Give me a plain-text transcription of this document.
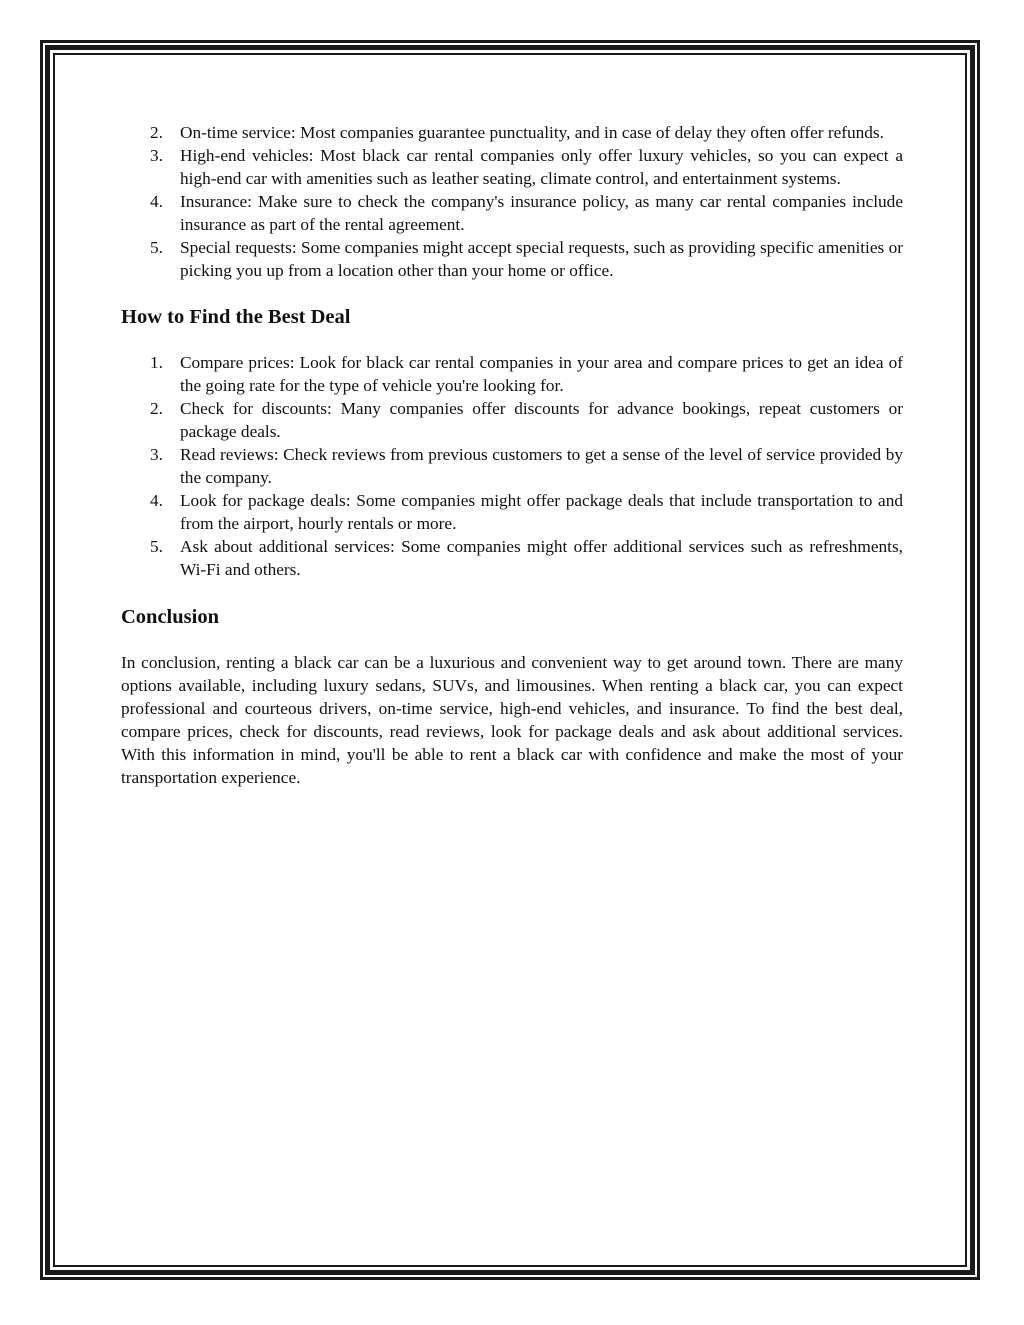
2. On-time service: Most companies guarantee punctuality, and in case of delay they often offer refunds.
3. High-end vehicles: Most black car rental companies only offer luxury vehicles, so you can expect a high-end car with amenities such as leather seating, climate control, and entertainment systems.
4. Insurance: Make sure to check the company's insurance policy, as many car rental companies include insurance as part of the rental agreement.
5. Special requests: Some companies might accept special requests, such as providing specific amenities or picking you up from a location other than your home or office.
How to Find the Best Deal
1. Compare prices: Look for black car rental companies in your area and compare prices to get an idea of the going rate for the type of vehicle you're looking for.
2. Check for discounts: Many companies offer discounts for advance bookings, repeat customers or package deals.
3. Read reviews: Check reviews from previous customers to get a sense of the level of service provided by the company.
4. Look for package deals: Some companies might offer package deals that include transportation to and from the airport, hourly rentals or more.
5. Ask about additional services: Some companies might offer additional services such as refreshments, Wi-Fi and others.
Conclusion

In conclusion, renting a black car can be a luxurious and convenient way to get around town. There are many options available, including luxury sedans, SUVs, and limousines. When renting a black car, you can expect professional and courteous drivers, on-time service, high-end vehicles, and insurance. To find the best deal, compare prices, check for discounts, read reviews, look for package deals and ask about additional services. With this information in mind, you'll be able to rent a black car with confidence and make the most of your transportation experience.
